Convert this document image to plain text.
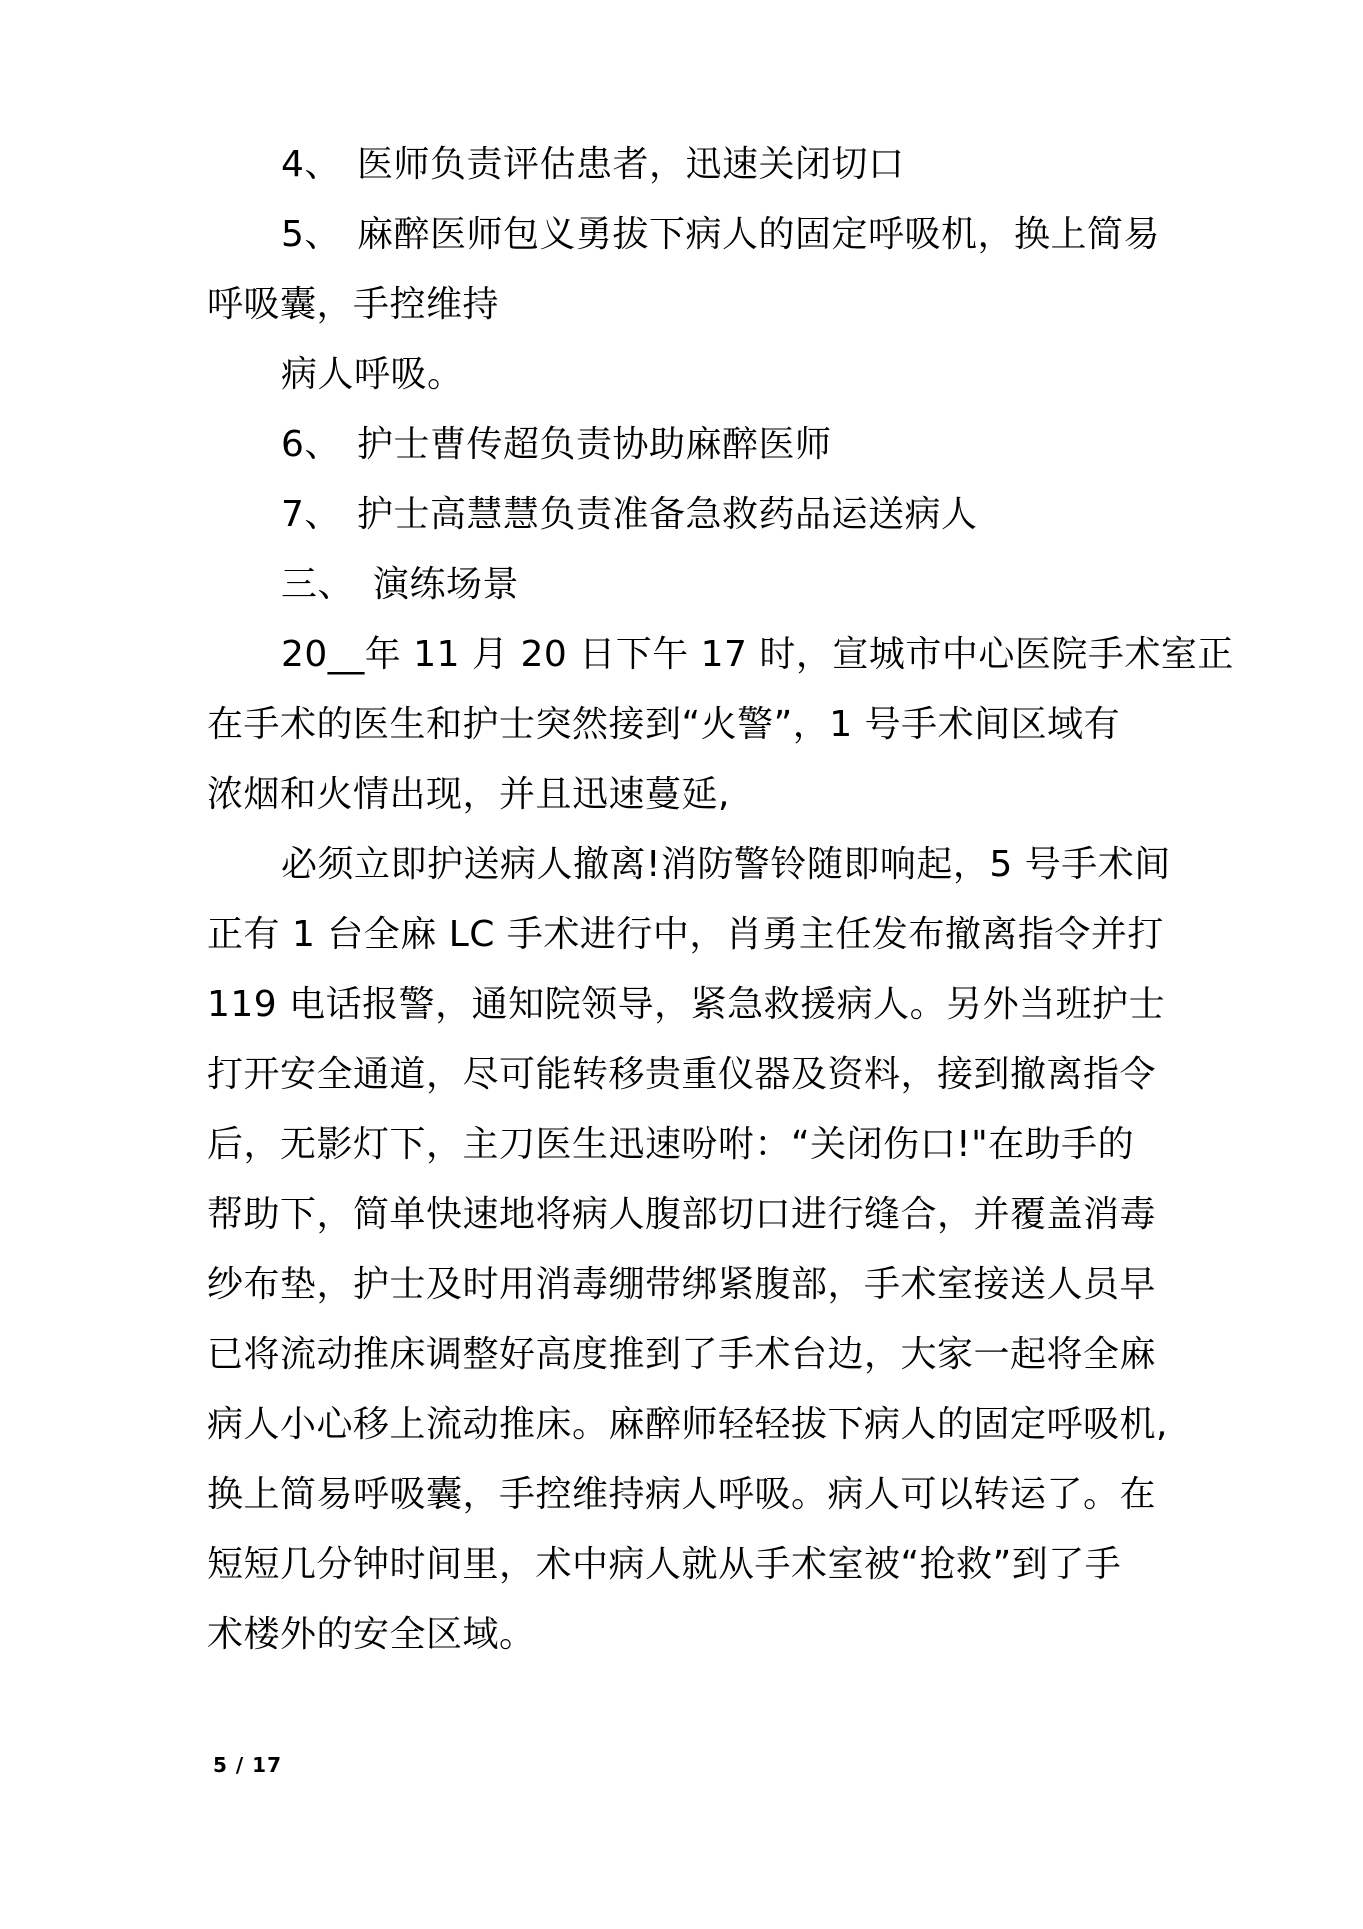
4、 医师负责评估患者，迅速关闭切口
5、 麻醉医师包义勇拔下病人的固定呼吸机，换上简易
呼吸囊，手控维持
病人呼吸。
6、 护士曹传超负责协助麻醉医师
7、 护士高慧慧负责准备急救药品运送病人
三、 演练场景
20__年 11 月 20 日下午 17 时，宣城市中心医院手术室正
在手术的医生和护士突然接到“火警”，1 号手术间区域有
浓烟和火情出现，并且迅速蔓延,
必须立即护送病人撤离!消防警铃随即响起，5 号手术间
正有 1 台全麻 LC 手术进行中，肖勇主任发布撤离指令并打
119 电话报警，通知院领导，紧急救援病人。另外当班护士
打开安全通道，尽可能转移贵重仪器及资料，接到撤离指令
后，无影灯下，主刀医生迅速吩咐：“关闭伤口!"在助手的
帮助下，简单快速地将病人腹部切口进行缝合，并覆盖消毒
纱布垫，护士及时用消毒绷带绑紧腹部，手术室接送人员早
已将流动推床调整好高度推到了手术台边，大家一起将全麻
病人小心移上流动推床。麻醉师轻轻拔下病人的固定呼吸机,
换上简易呼吸囊，手控维持病人呼吸。病人可以转运了。在
短短几分钟时间里，术中病人就从手术室被“抢救”到了手
术楼外的安全区域。
5 / 17
